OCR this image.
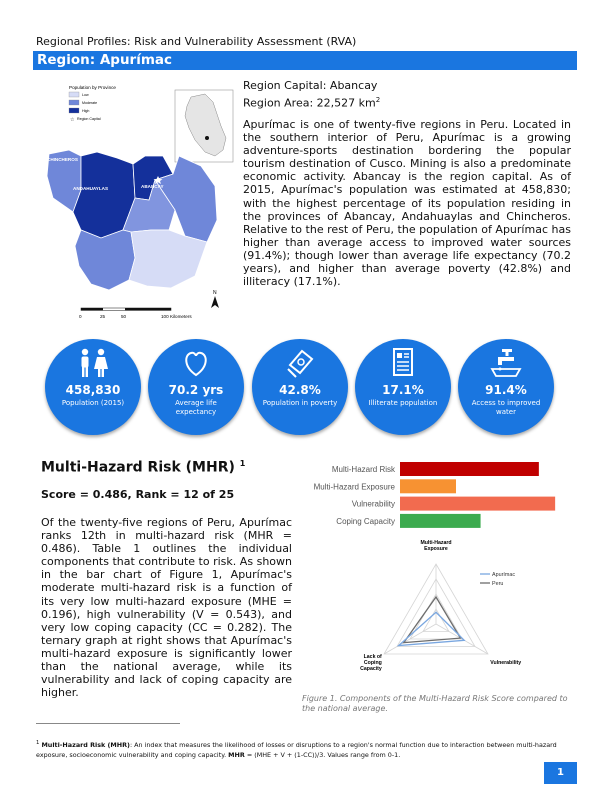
Regional Profiles: Risk and Vulnerability Assessment (RVA)
Region: Apurímac
Population by Province
Low
Moderate
High
☆ Region Capital
CHINCHEROS
ANDAHUAYLAS	ABANCAY
N
0	25	50	100 Kilometers
Region Capital: Abancay
Region Area: 22,527 $km^2$
Apurímac is one of twenty-five regions in Peru. Located in the southern interior of Peru, Apurímac is a growing adventure-sports destination bordering the popular tourism destination of Cusco. Mining is also a predominate economic activity. Abancay is the region capital. As of 2015, Apurímac's population was estimated at 458,830; with the highest percentage of its population residing in the provinces of Abancay, Andahuaylas and Chincheros. Relative to the rest of Peru, the population of Apurímac has higher than average access to improved water sources (91.4%); though lower than average life expectancy (70.2 years), and higher than average poverty (42.8%) and illiteracy (17.1%).
458,830
Population (2015)
70.2 yrs
Average life expectancy
42.8%
Population in poverty
17.1%
Illiterate population
91.4%
Access to improved water
Multi-Hazard Risk (MHR) $^1$
Score = 0.486, Rank = 12 of 25
Of the twenty-five regions of Peru, Apurímac ranks 12th in multi-hazard risk (MHR = 0.486). Table 1 outlines the individual components that contribute to risk. As shown in the bar chart of Figure 1, Apurímac's moderate multi-hazard risk is a function of its very low multi-hazard exposure (MHE = 0.196), high vulnerability (V = 0.543), and very low coping capacity (CC = 0.282). The ternary graph at right shows that Apurímac's multi-hazard exposure is significantly lower than the national average, while its vulnerability and lack of coping capacity are higher.
Multi-Hazard Risk
Multi-Hazard Exposure
Vulnerability
Coping Capacity
Multi-Hazard Exposure
Vulnerability
Lack of Coping Capacity
Apurímac
Peru
Figure 1. Components of the Multi-Hazard Risk Score compared to the national average.
$^1$ Multi-Hazard Risk (MHR): An index that measures the likelihood of losses or disruptions to a region's normal function due to interaction between multi-hazard exposure, socioeconomic vulnerability and coping capacity. MHR = (MHE + V + (1-CC))/3. Values range from 0-1.
1
